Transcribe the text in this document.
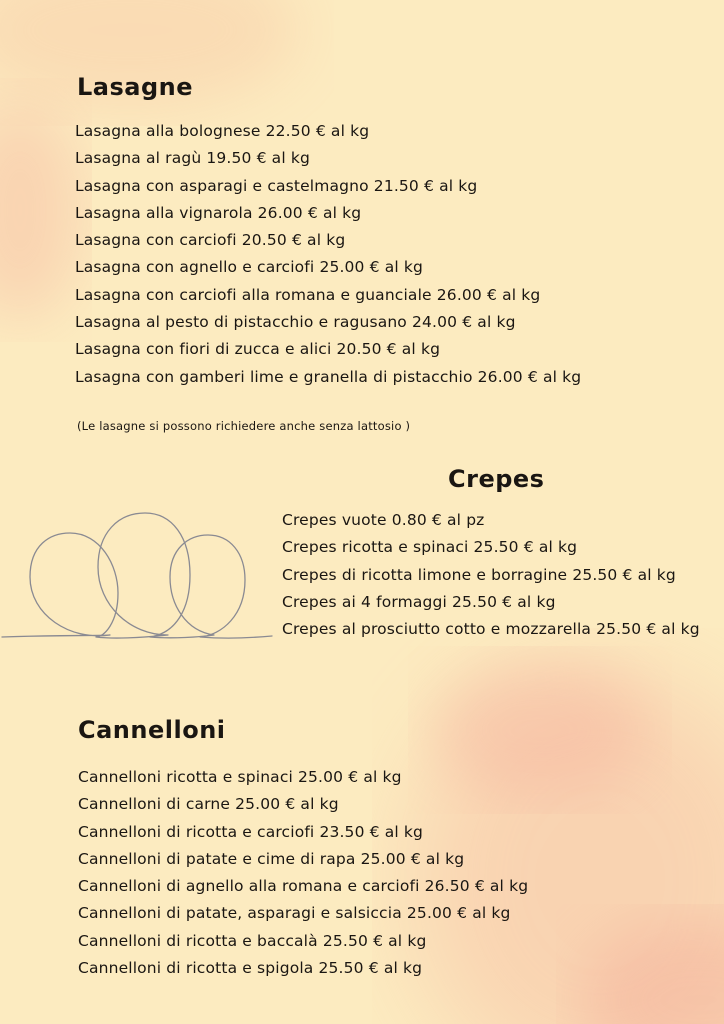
Lasagne
Lasagna alla bolognese 22.50 € al kg
Lasagna al ragù 19.50 € al kg
Lasagna con asparagi e castelmagno 21.50 € al kg
Lasagna alla vignarola 26.00 € al kg
Lasagna con carciofi 20.50 € al kg
Lasagna con agnello e carciofi 25.00 € al kg
Lasagna con carciofi alla romana e guanciale 26.00 € al kg
Lasagna al pesto di pistacchio e ragusano 24.00 € al kg
Lasagna con fiori di zucca e alici 20.50 € al kg
Lasagna con gamberi lime e granella di pistacchio 26.00 € al kg

(Le lasagne si possono richiedere anche senza lattosio )

Crepes
Crepes vuote 0.80 € al pz
Crepes ricotta e spinaci 25.50 € al kg
Crepes di ricotta limone e borragine 25.50 € al kg
Crepes ai 4 formaggi 25.50 € al kg
Crepes al prosciutto cotto e mozzarella 25.50 € al kg
Cannelloni
Cannelloni ricotta e spinaci 25.00 € al kg
Cannelloni di carne 25.00 € al kg
Cannelloni di ricotta e carciofi 23.50 € al kg
Cannelloni di patate e cime di rapa 25.00 € al kg
Cannelloni di agnello alla romana e carciofi 26.50 € al kg
Cannelloni di patate, asparagi e salsiccia 25.00 € al kg
Cannelloni di ricotta e baccalà 25.50 € al kg
Cannelloni di ricotta e spigola 25.50 € al kg
